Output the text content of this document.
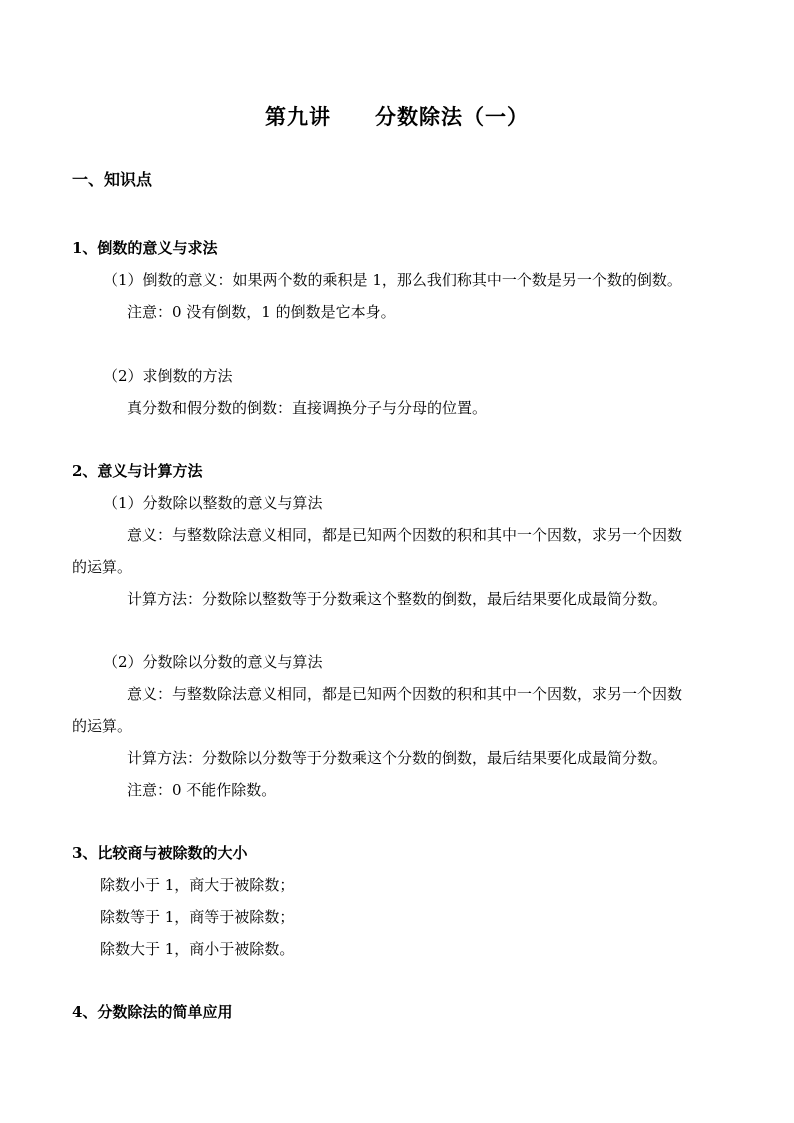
第九讲　　分数除法（一）
一、知识点
1、倒数的意义与求法
（1）倒数的意义：如果两个数的乘积是 1，那么我们称其中一个数是另一个数的倒数。
注意：0 没有倒数，1 的倒数是它本身。
（2）求倒数的方法
真分数和假分数的倒数：直接调换分子与分母的位置。
2、意义与计算方法
（1）分数除以整数的意义与算法
意义：与整数除法意义相同，都是已知两个因数的积和其中一个因数，求另一个因数
的运算。
计算方法：分数除以整数等于分数乘这个整数的倒数，最后结果要化成最简分数。
（2）分数除以分数的意义与算法
意义：与整数除法意义相同，都是已知两个因数的积和其中一个因数，求另一个因数
的运算。
计算方法：分数除以分数等于分数乘这个分数的倒数，最后结果要化成最简分数。
注意：0 不能作除数。
3、比较商与被除数的大小
除数小于 1，商大于被除数；
除数等于 1，商等于被除数；
除数大于 1，商小于被除数。
4、分数除法的简单应用
